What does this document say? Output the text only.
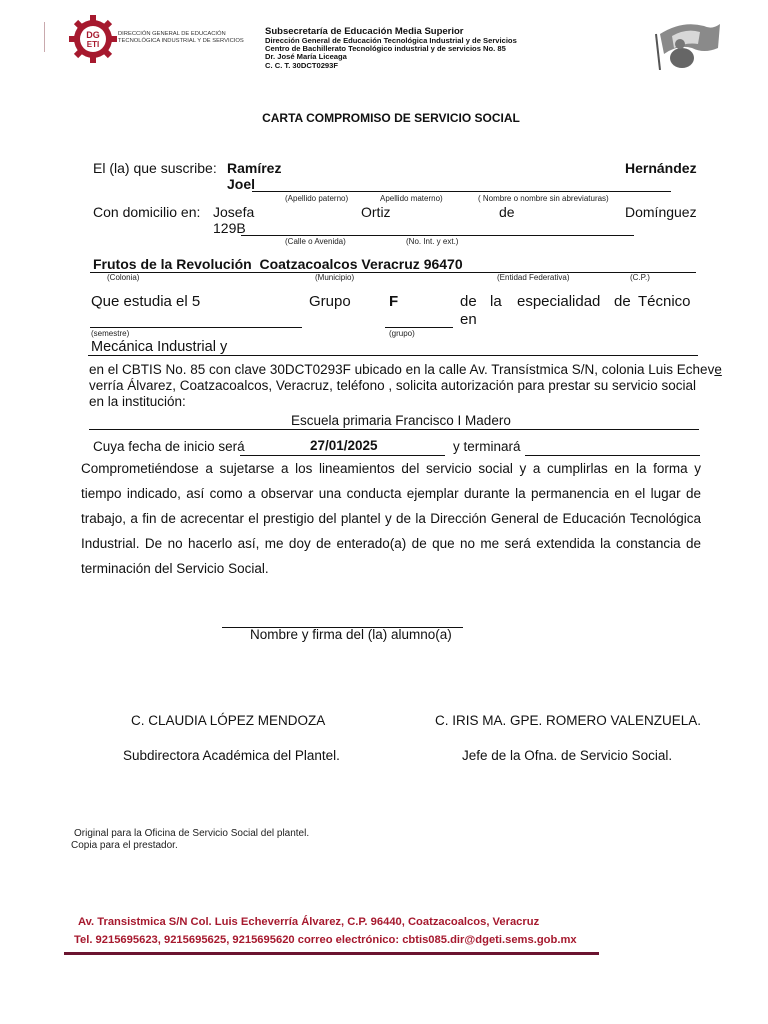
DG
ETI
DIRECCIÓN GENERAL DE EDUCACIÓN
TECNOLÓGICA INDUSTRIAL Y DE SERVICIOS
Subsecretaría de Educación Media Superior
Dirección General de Educación Tecnológica Industrial y de Servicios
Centro de Bachillerato Tecnológico industrial y de servicios No. 85
Dr. José María Liceaga
C. C. T. 30DCT0293F
CARTA COMPROMISO DE SERVICIO SOCIAL
El (la) que suscribe: Ramírez	Hernández
Joel
(Apellido paterno)	Apellido materno)	( Nombre o nombre sin abreviaturas)
Con domicilio en: Josefa	Ortiz	de	Domínguez
129B
(Calle o Avenida)	(No. Int. y ext.)
Frutos de la Revolución Coatzacoalcos Veracruz 96470
(Colonia)	(Municipio)	(Entidad Federativa)	(C.P.)
Que estudia el 5	Grupo	F	de
en
la especialidad de Técnico
(semestre)	(grupo)
Mecánica Industrial y
en el CBTIS No. 85 con clave 30DCT0293F ubicado en la calle Av. Transístmica S/N, colonia Luis Echeve
verría Álvarez, Coatzacoalcos, Veracruz, teléfono , solicita autorización para prestar su servicio social
en la institución:
Escuela primaria Francisco I Madero
Cuya fecha de inicio será	27/01/2025	y terminará
Comprometiéndose a sujetarse a los lineamientos del servicio social y a cumplirlas en la forma y tiempo indicado, así como a observar una conducta ejemplar durante la permanencia en el lugar de trabajo, a fin de acrecentar el prestigio del plantel y de la Dirección General de Educación Tecnológica Industrial. De no hacerlo así, me doy de enterado(a) de que no me será extendida la constancia de terminación del Servicio Social.
Nombre y firma del (la) alumno(a)
C. CLAUDIA LÓPEZ MENDOZA
Subdirectora Académica del Plantel.
C. IRIS MA. GPE. ROMERO VALENZUELA.
Jefe de la Ofna. de Servicio Social.
Original para la Oficina de Servicio Social del plantel.
Copia para el prestador.
Av. Transistmica S/N Col. Luis Echeverría Álvarez, C.P. 96440, Coatzacoalcos, Veracruz
Tel. 9215695623, 9215695625, 9215695620 correo electrónico: cbtis085.dir@dgeti.sems.gob.mx
